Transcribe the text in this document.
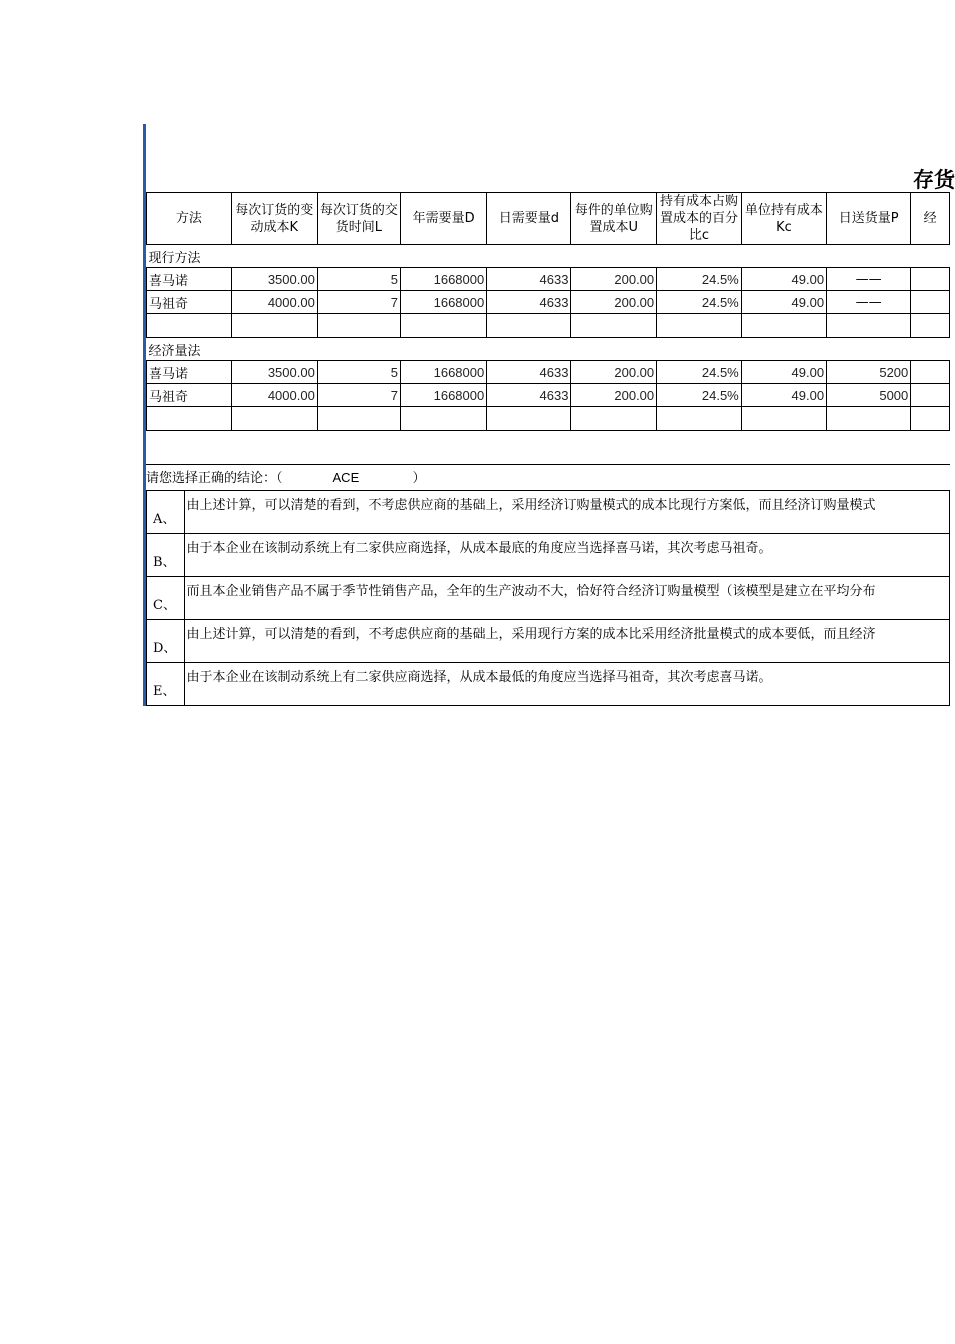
存货
方法	每次订货的变动成本K	每次订货的交货时间L	年需要量D	日需要量d	每件的单位购置成本U	持有成本占购置成本的百分比c	单位持有成本Kc	日送货量P	经
现行方法									
喜马诺	3500.00	5	1668000	4633	200.00	24.5%	49.00	——	
马祖奇	4000.00	7	1668000	4633	200.00	24.5%	49.00	——	

经济量法									
喜马诺	3500.00	5	1668000	4633	200.00	24.5%	49.00	5200	
马祖奇	4000.00	7	1668000	4633	200.00	24.5%	49.00	5000	

请您选择正确的结论：（	ACE	）
A、	由上述计算，可以清楚的看到，不考虑供应商的基础上，采用经济订购量模式的成本比现行方案低，而且经济订购量模式
B、	由于本企业在该制动系统上有二家供应商选择，从成本最底的角度应当选择喜马诺，其次考虑马祖奇。
C、	而且本企业销售产品不属于季节性销售产品，全年的生产波动不大，恰好符合经济订购量模型（该模型是建立在平均分布
D、	由上述计算，可以清楚的看到，不考虑供应商的基础上，采用现行方案的成本比采用经济批量模式的成本要低，而且经济
E、	由于本企业在该制动系统上有二家供应商选择，从成本最低的角度应当选择马祖奇，其次考虑喜马诺。
